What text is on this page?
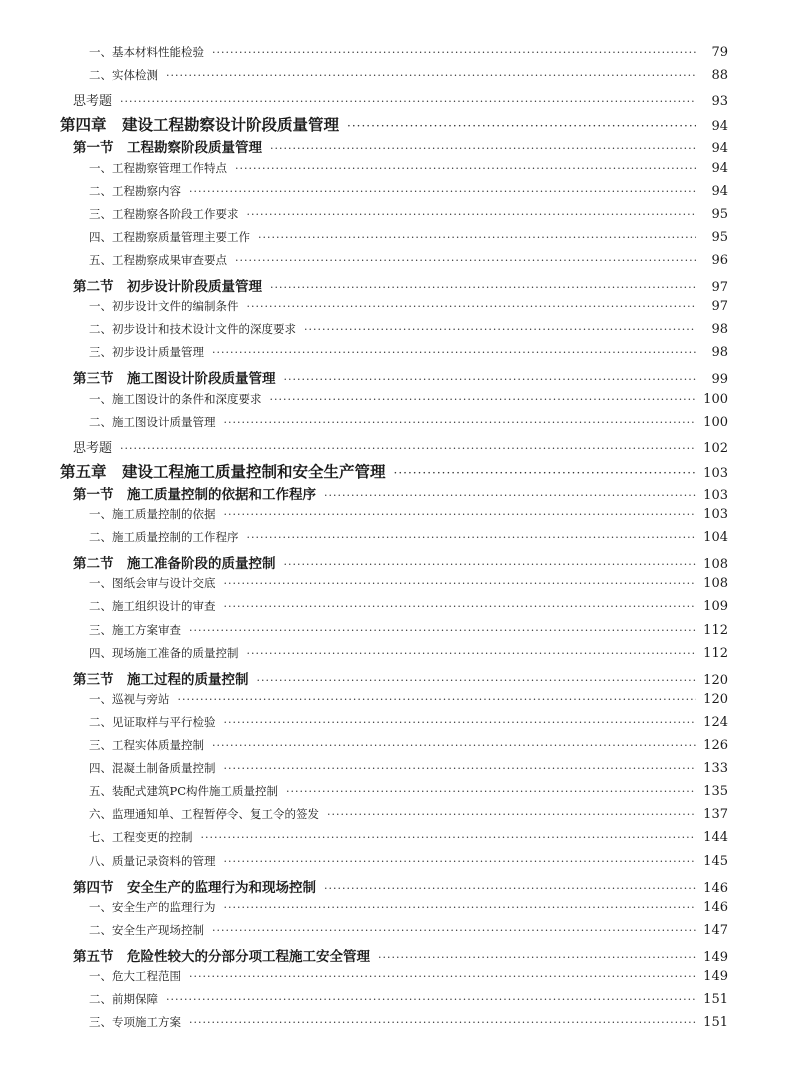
一、基本材料性能检验 ·····	79
二、实体检测 ·····	88
思考题 ·····	93
第四章　建设工程勘察设计阶段质量管理 ·····	94
第一节　工程勘察阶段质量管理 ·····	94
一、工程勘察管理工作特点 ·····	94
二、工程勘察内容 ·····	94
三、工程勘察各阶段工作要求 ·····	95
四、工程勘察质量管理主要工作 ·····	95
五、工程勘察成果审查要点 ·····	96
第二节　初步设计阶段质量管理 ·····	97
一、初步设计文件的编制条件 ·····	97
二、初步设计和技术设计文件的深度要求 ·····	98
三、初步设计质量管理 ·····	98
第三节　施工图设计阶段质量管理 ·····	99
一、施工图设计的条件和深度要求 ·····	100
二、施工图设计质量管理 ·····	100
思考题 ·····	102
第五章　建设工程施工质量控制和安全生产管理 ·····	103
第一节　施工质量控制的依据和工作程序 ·····	103
一、施工质量控制的依据 ·····	103
二、施工质量控制的工作程序 ·····	104
第二节　施工准备阶段的质量控制 ·····	108
一、图纸会审与设计交底 ·····	108
二、施工组织设计的审查 ·····	109
三、施工方案审查 ·····	112
四、现场施工准备的质量控制 ·····	112
第三节　施工过程的质量控制 ·····	120
一、巡视与旁站 ·····	120
二、见证取样与平行检验 ·····	124
三、工程实体质量控制 ·····	126
四、混凝土制备质量控制 ·····	133
五、装配式建筑PC构件施工质量控制 ·····	135
六、监理通知单、工程暂停令、复工令的签发 ·····	137
七、工程变更的控制 ·····	144
八、质量记录资料的管理 ·····	145
第四节　安全生产的监理行为和现场控制 ·····	146
一、安全生产的监理行为 ·····	146
二、安全生产现场控制 ·····	147
第五节　危险性较大的分部分项工程施工安全管理 ·····	149
一、危大工程范围 ·····	149
二、前期保障 ·····	151
三、专项施工方案 ·····	151
